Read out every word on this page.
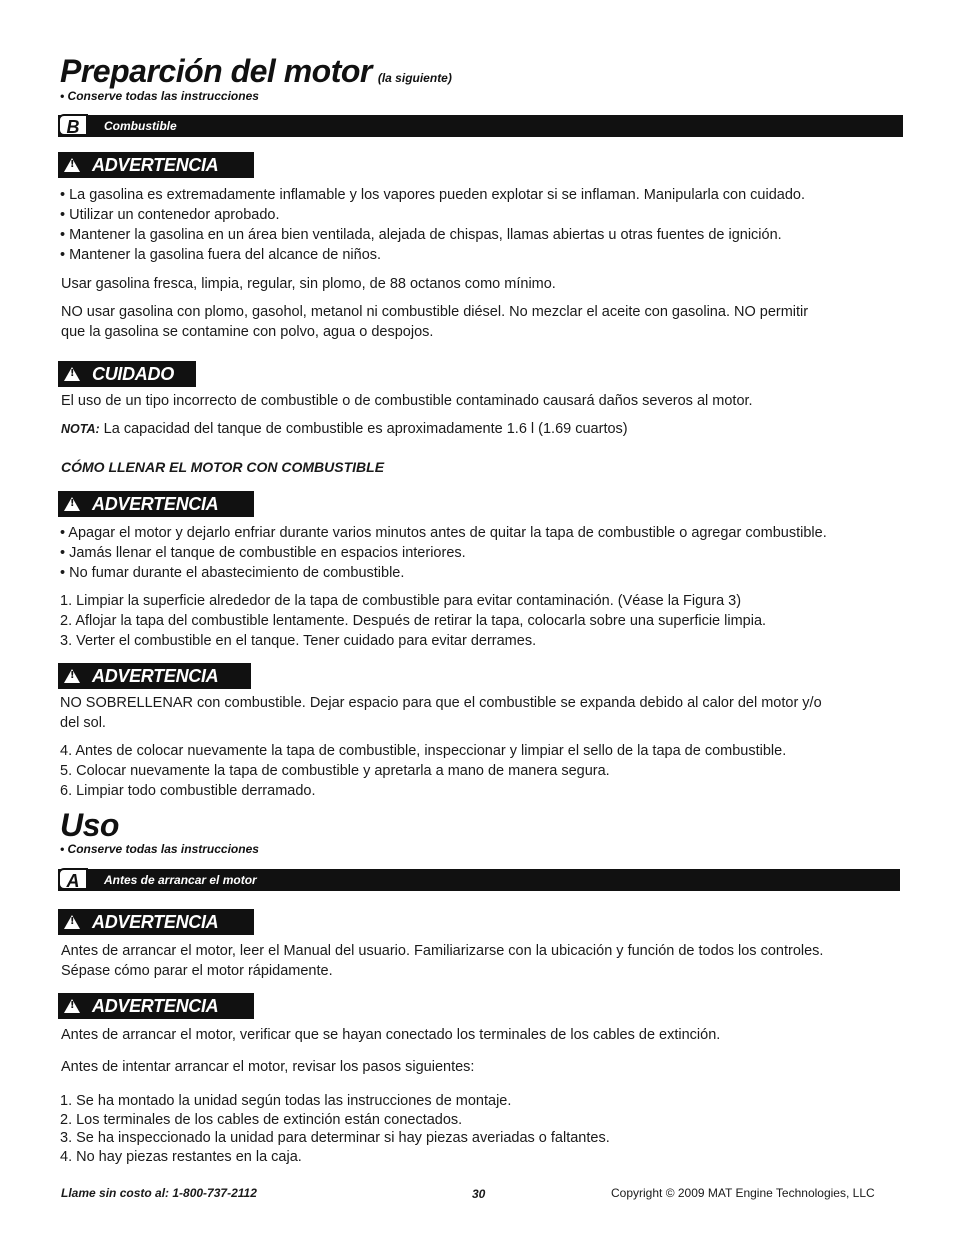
Preparción del motor (la siguiente)
• Conserve todas las instrucciones
B	Combustible
!
ADVERTENCIA

• La gasolina es extremadamente inflamable y los vapores pueden explotar si se inflaman. Manipularla con cuidado.

• Utilizar un contenedor aprobado.

• Mantener la gasolina en un área bien ventilada, alejada de chispas, llamas abiertas u otras fuentes de ignición.

• Mantener la gasolina fuera del alcance de niños.

Usar gasolina fresca, limpia, regular, sin plomo, de 88 octanos como mínimo.

NO usar gasolina con plomo, gasohol, metanol ni combustible diésel. No mezclar el aceite con gasolina. NO permitir

que la gasolina se contamine con polvo, agua o despojos.

!
CUIDADO
El uso de un tipo incorrecto de combustible o de combustible contaminado causará daños severos al motor.
NOTA: La capacidad del tanque de combustible es aproximadamente 1.6 l (1.69 cuartos)
CÓMO LLENAR EL MOTOR CON COMBUSTIBLE
!
ADVERTENCIA

• Apagar el motor y dejarlo enfriar durante varios minutos antes de quitar la tapa de combustible o agregar combustible.

• Jamás llenar el tanque de combustible en espacios interiores.

• No fumar durante el abastecimiento de combustible.

1. Limpiar la superficie alrededor de la tapa de combustible para evitar contaminación. (Véase la Figura 3)

2. Aflojar la tapa del combustible lentamente. Después de retirar la tapa, colocarla sobre una superficie limpia.

3. Verter el combustible en el tanque. Tener cuidado para evitar derrames.

!
ADVERTENCIA

NO SOBRELLENAR con combustible. Dejar espacio para que el combustible se expanda debido al calor del motor y/o

del sol.

4. Antes de colocar nuevamente la tapa de combustible, inspeccionar y limpiar el sello de la tapa de combustible.

5. Colocar nuevamente la tapa de combustible y apretarla a mano de manera segura.

6. Limpiar todo combustible derramado.

Uso
• Conserve todas las instrucciones
A	Antes de arrancar el motor
!
ADVERTENCIA

Antes de arrancar el motor, leer el Manual del usuario. Familiarizarse con la ubicación y función de todos los controles.

Sépase cómo parar el motor rápidamente.

!
ADVERTENCIA
Antes de arrancar el motor, verificar que se hayan conectado los terminales de los cables de extinción.
Antes de intentar arrancar el motor, revisar los pasos siguientes:

1. Se ha montado la unidad según todas las instrucciones de montaje.

2. Los terminales de los cables de extinción están conectados.

3. Se ha inspeccionado la unidad para determinar si hay piezas averiadas o faltantes.

4. No hay piezas restantes en la caja.

Llame sin costo al: 1-800-737-2112	30	Copyright © 2009 MAT Engine Technologies, LLC
